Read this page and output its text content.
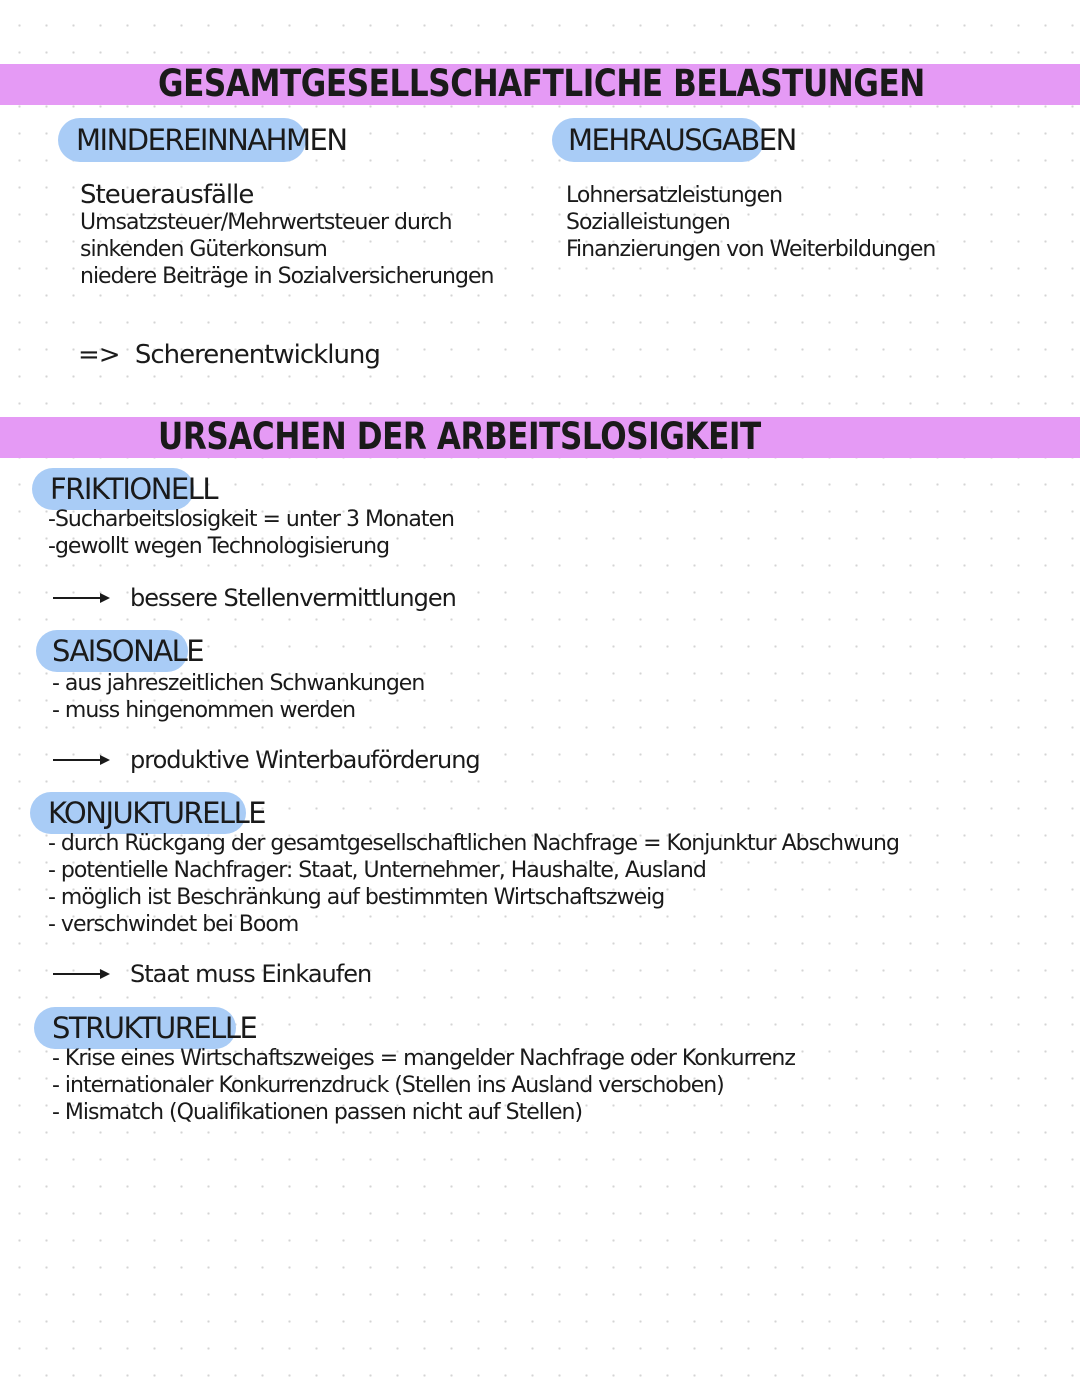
GESAMTGESELLSCHAFTLICHE BELASTUNGEN
MINDEREINNAHMEN	MEHRAUSGABEN
Steuerausfälle
Umsatzsteuer/Mehrwertsteuer durch
sinkenden Güterkonsum
niedere Beiträge in Sozialversicherungen
Lohnersatzleistungen
Sozialleistungen
Finanzierungen von Weiterbildungen
=> Scherenentwicklung
URSACHEN DER ARBEITSLOSIGKEIT
FRIKTIONELL
-Sucharbeitslosigkeit = unter 3 Monaten
-gewollt wegen Technologisierung
bessere Stellenvermittlungen
SAISONALE
- aus jahreszeitlichen Schwankungen
- muss hingenommen werden
produktive Winterbauförderung
KONJUKTURELLE
- durch Rückgang der gesamtgesellschaftlichen Nachfrage = Konjunktur Abschwung
- potentielle Nachfrager: Staat, Unternehmer, Haushalte, Ausland
- möglich ist Beschränkung auf bestimmten Wirtschaftszweig
- verschwindet bei Boom
Staat muss Einkaufen
STRUKTURELLE
- Krise eines Wirtschaftszweiges = mangelder Nachfrage oder Konkurrenz
- internationaler Konkurrenzdruck (Stellen ins Ausland verschoben)
- Mismatch (Qualifikationen passen nicht auf Stellen)
